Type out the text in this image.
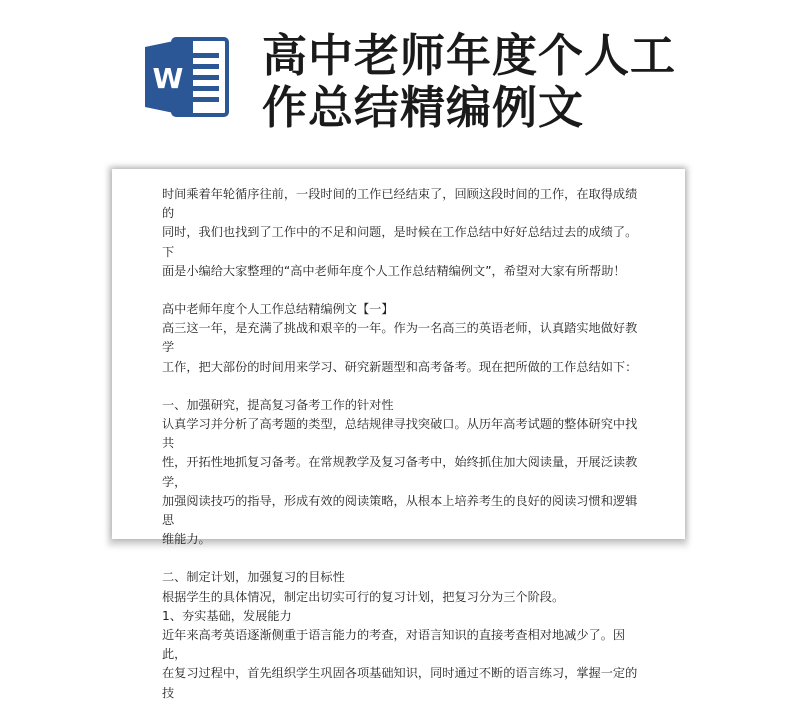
W 高中老师年度个人工
作总结精编例文

时间乘着年轮循序往前，一段时间的工作已经结束了，回顾这段时间的工作，在取得成绩的

同时，我们也找到了工作中的不足和问题，是时候在工作总结中好好总结过去的成绩了。下

面是小编给大家整理的“高中老师年度个人工作总结精编例文”，希望对大家有所帮助！

高中老师年度个人工作总结精编例文【一】

高三这一年，是充满了挑战和艰辛的一年。作为一名高三的英语老师，认真踏实地做好教学

工作，把大部份的时间用来学习、研究新题型和高考备考。现在把所做的工作总结如下：

一、加强研究，提高复习备考工作的针对性

认真学习并分析了高考题的类型，总结规律寻找突破口。从历年高考试题的整体研究中找共

性，开拓性地抓复习备考。在常规教学及复习备考中，始终抓住加大阅读量，开展泛读教学，

加强阅读技巧的指导，形成有效的阅读策略，从根本上培养考生的良好的阅读习惯和逻辑思

维能力。

二、制定计划，加强复习的目标性

根据学生的具体情况，制定出切实可行的复习计划，把复习分为三个阶段。

1、夯实基础，发展能力

近年来高考英语逐渐侧重于语言能力的考查，对语言知识的直接考查相对地减少了。因此，

在复习过程中，首先组织学生巩固各项基础知识，同时通过不断的语言练习，掌握一定的技
